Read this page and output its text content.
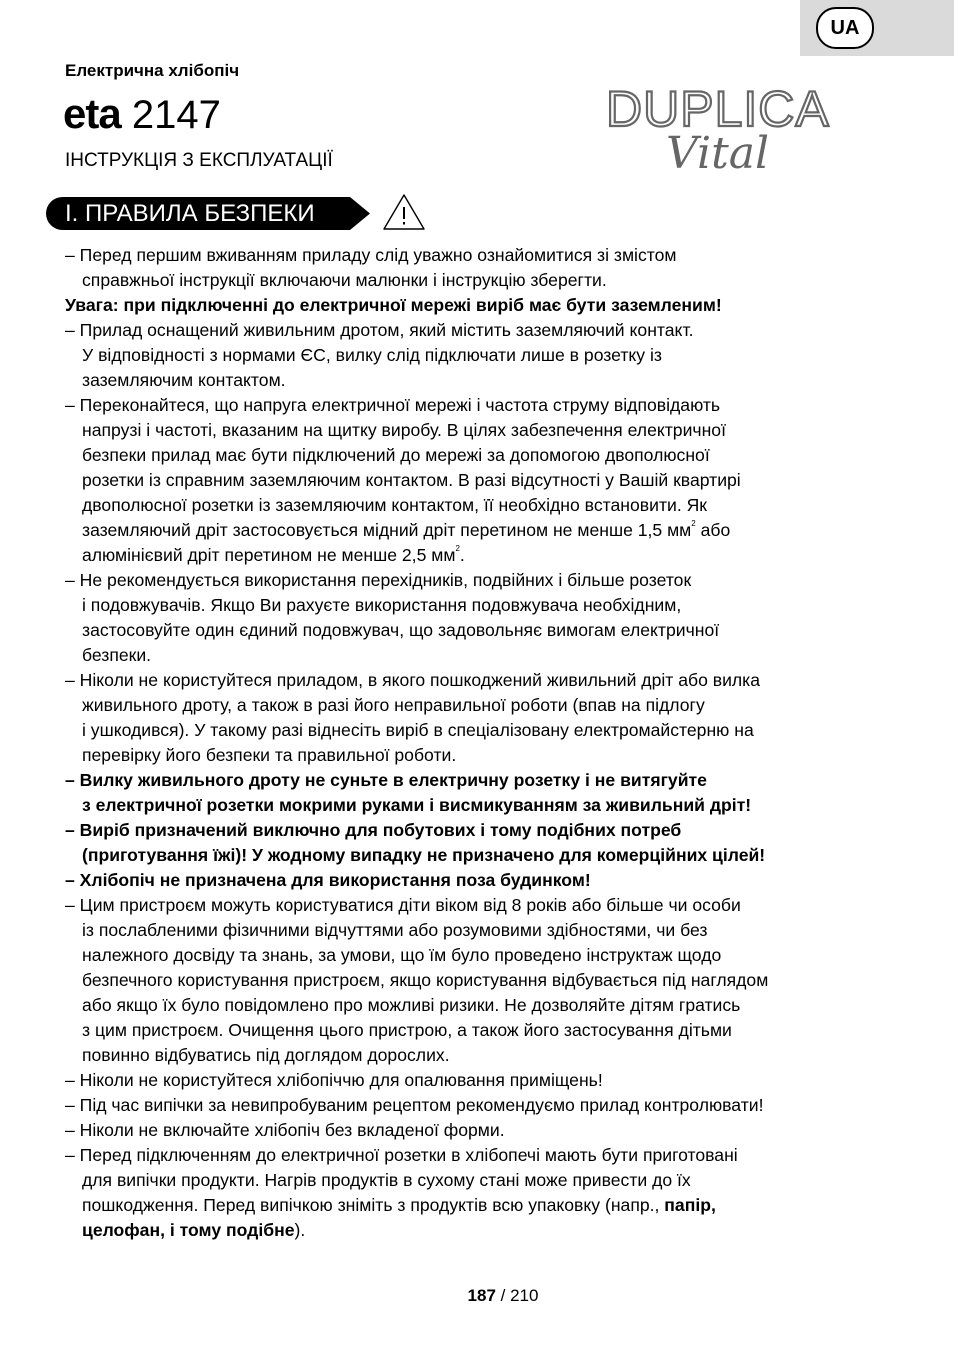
UA
Електрична хлібопіч
eta 2147
ІНСТРУКЦІЯ З ЕКСПЛУАТАЦІЇ
DUPLICA
Vital
I. ПРАВИЛА БЕЗПЕКИ
– Перед першим вживанням приладу слід уважно ознайомитися зі змістом
справжньої інструкції включаючи малюнки і інструкцію зберегти.
Увага: при підключенні до електричної мережі виріб має бути заземленим!
– Прилад оснащений живильним дротом, який містить заземляючий контакт.
У відповідності з нормами ЄС, вилку слід підключати лише в розетку із
заземляючим контактом.
– Переконайтеся, що напруга електричної мережі і частота струму відповідають
напрузі і частоті, вказаним на щитку виробу. В цілях забезпечення електричної
безпеки прилад має бути підключений до мережі за допомогою двополюсної
розетки із справним заземляючим контактом. В разі відсутності у Вашій квартирі
двополюсної розетки із заземляючим контактом, її необхідно встановити. Як
заземляючий дріт застосовується мідний дріт перетином не менше 1,5 $мм^2$ або
алюмінієвий дріт перетином не менше 2,5 $мм^2$.
– Не рекомендується використання перехідників, подвійних і більше розеток
і подовжувачів. Якщо Ви рахуєте використання подовжувача необхідним,
застосовуйте один єдиний подовжувач, що задовольняє вимогам електричної
безпеки.
– Ніколи не користуйтеся приладом, в якого пошкоджений живильний дріт або вилка
живильного дроту, а також в разі його неправильної роботи (впав на підлогу
і ушкодився). У такому разі віднесіть виріб в спеціалізовану електромайстерню на
перевірку його безпеки та правильної роботи.
– Вилку живильного дроту не суньте в електричну розетку і не витягуйте
з електричної розетки мокрими руками і висмикуванням за живильний дріт!
– Виріб призначений виключно для побутових і тому подібних потреб
(приготування їжі)! У жодному випадку не призначено для комерційних цілей!
– Хлібопіч не призначена для використання поза будинком!
– Цим пристроєм можуть користуватися діти віком від 8 років або більше чи особи
із послабленими фізичними відчуттями або розумовими здібностями, чи без
належного досвіду та знань, за умови, що їм було проведено інструктаж щодо
безпечного користування пристроєм, якщо користування відбувається під наглядом
або якщо їх було повідомлено про можливі ризики. Не дозволяйте дітям гратись
з цим пристроєм. Очищення цього пристрою, а також його застосування дітьми
повинно відбуватись під доглядом дорослих.
– Ніколи не користуйтеся хлібопіччю для опалювання приміщень!
– Під час випічки за невипробуваним рецептом рекомендуємо прилад контролювати!
– Ніколи не включайте хлібопіч без вкладеної форми.
– Перед підключенням до електричної розетки в хлібопечі мають бути приготовані
для випічки продукти. Нагрів продуктів в сухому стані може привести до їх
пошкодження. Перед випічкою зніміть з продуктів всю упаковку (напр., папір,
целофан, і тому подібне).
187 / 210
